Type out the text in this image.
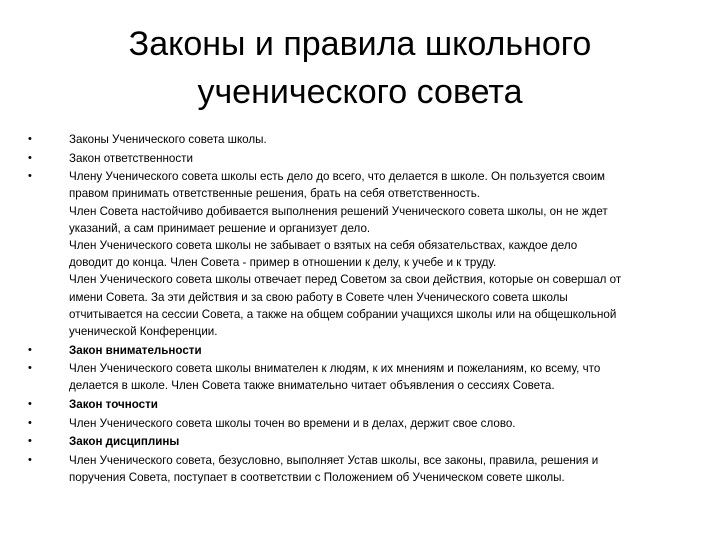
Законы и правила школьного
ученического совета
•	Законы Ученического совета школы.
•	Закон ответственности
•	Члену Ученического совета школы есть дело до всего, что делается в школе. Он пользуется своим
правом принимать ответственные решения, брать на себя ответственность.
Член Совета настойчиво добивается выполнения решений Ученического совета школы, он не ждет
указаний, а сам принимает решение и организует дело.
Член Ученического совета школы не забывает о взятых на себя обязательствах, каждое дело
доводит до конца. Член Совета - пример в отношении к делу, к учебе и к труду.
Член Ученического совета школы отвечает перед Советом за свои действия, которые он совершал от
имени Совета. За эти действия и за свою работу в Совете член Ученического совета школы
отчитывается на сессии Совета, а также на общем собрании учащихся школы или на общешкольной
ученической Конференции.
•	Закон внимательности
•	Член Ученического совета школы внимателен к людям, к их мнениям и пожеланиям, ко всему, что
делается в школе. Член Совета также внимательно читает объявления о сессиях Совета.
•	Закон точности
•	Член Ученического совета школы точен во времени и в делах, держит свое слово.
•	Закон дисциплины
•	Член Ученического совета, безусловно, выполняет Устав школы, все законы, правила, решения и
поручения Совета, поступает в соответствии с Положением об Ученическом совете школы.
